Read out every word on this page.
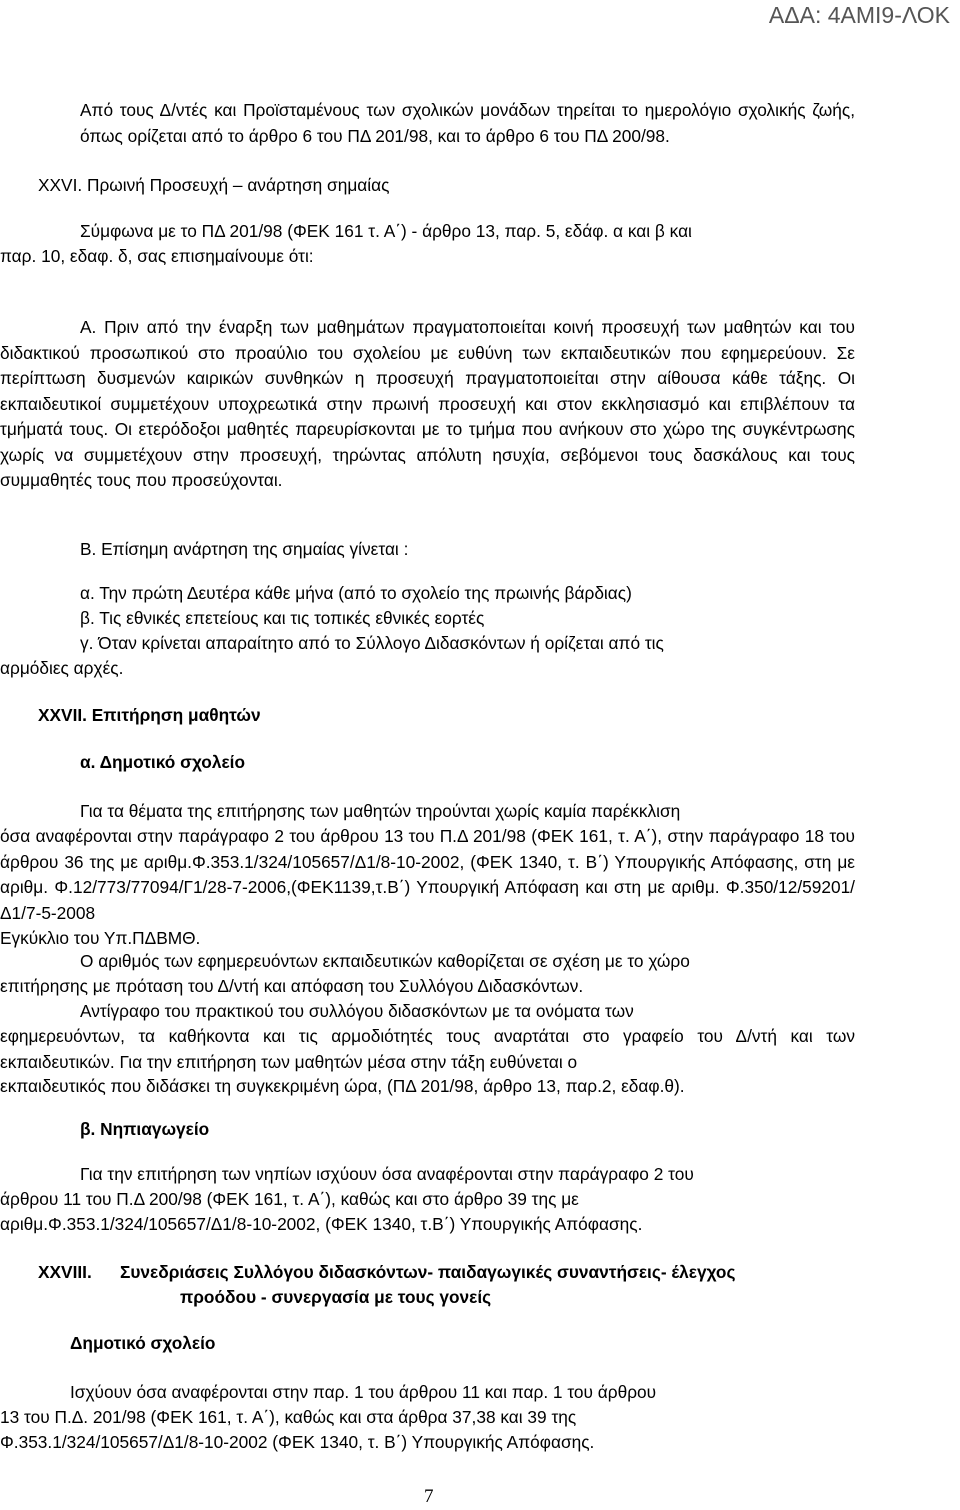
ΑΔΑ: 4ΑΜΙ9-ΛΟΚ
Από τους Δ/ντές και Προϊσταμένους των σχολικών μονάδων τηρείται το ημερολόγιο σχολικής ζωής, όπως ορίζεται από το άρθρο 6 του ΠΔ 201/98, και το άρθρο 6 του ΠΔ 200/98.
XXVI. Πρωινή Προσευχή – ανάρτηση σημαίας
Σύμφωνα με το ΠΔ 201/98 (ΦΕΚ 161 τ. Α΄) - άρθρο 13, παρ. 5, εδάφ. α και β και
παρ. 10, εδαφ. δ, σας επισημαίνουμε ότι:
Α. Πριν από την έναρξη των μαθημάτων πραγματοποιείται κοινή προσευχή των μαθητών και του διδακτικού προσωπικού στο προαύλιο του σχολείου με ευθύνη των εκπαιδευτικών που εφημερεύουν. Σε περίπτωση δυσμενών καιρικών συνθηκών η προσευχή πραγματοποιείται στην αίθουσα κάθε τάξης. Οι εκπαιδευτικοί συμμετέχουν υποχρεωτικά στην πρωινή προσευχή και στον εκκλησιασμό και επιβλέπουν τα τμήματά τους. Οι ετερόδοξοι μαθητές παρευρίσκονται με το τμήμα που ανήκουν στο χώρο της συγκέντρωσης χωρίς να συμμετέχουν στην προσευχή, τηρώντας απόλυτη ησυχία, σεβόμενοι τους δασκάλους και τους συμμαθητές τους που προσεύχονται.
Β. Επίσημη ανάρτηση της σημαίας γίνεται :
α. Την πρώτη Δευτέρα κάθε μήνα (από το σχολείο της πρωινής βάρδιας)
β. Τις εθνικές επετείους και τις τοπικές εθνικές εορτές
γ. Όταν κρίνεται απαραίτητο από το Σύλλογο Διδασκόντων ή ορίζεται από τις
αρμόδιες αρχές.
XXVII. Επιτήρηση μαθητών
α. Δημοτικό σχολείο
Για τα θέματα της επιτήρησης των μαθητών τηρούνται χωρίς καμία παρέκκλιση
όσα αναφέρονται στην παράγραφο 2 του άρθρου 13 του Π.Δ 201/98 (ΦΕΚ 161, τ. Α΄), στην παράγραφο 18 του άρθρου 36 της με αριθμ.Φ.353.1/324/105657/Δ1/8-10-2002, (ΦΕΚ 1340, τ. Β΄) Υπουργικής Απόφασης, στη με αριθμ. Φ.12/773/77094/Γ1/28-7-2006,(ΦΕΚ1139,τ.Β΄) Υπουργική Απόφαση και στη με αριθμ. Φ.350/12/59201/Δ1/7-5-2008
Εγκύκλιο του Υπ.ΠΔΒΜΘ.
Ο αριθμός των εφημερευόντων εκπαιδευτικών καθορίζεται σε σχέση με το χώρο
επιτήρησης με πρόταση του Δ/ντή και απόφαση του Συλλόγου Διδασκόντων.
Αντίγραφο του πρακτικού του συλλόγου διδασκόντων με τα ονόματα των
εφημερευόντων, τα καθήκοντα και τις αρμοδιότητές τους αναρτάται στο γραφείο του Δ/ντή και των εκπαιδευτικών. Για την επιτήρηση των μαθητών μέσα στην τάξη ευθύνεται ο
εκπαιδευτικός που διδάσκει τη συγκεκριμένη ώρα, (ΠΔ 201/98, άρθρο 13, παρ.2, εδαφ.θ).
β. Νηπιαγωγείο
Για την επιτήρηση των νηπίων ισχύουν όσα αναφέρονται στην παράγραφο 2 του
άρθρου 11 του Π.Δ 200/98 (ΦΕΚ 161, τ. Α΄), καθώς και στο άρθρο 39 της με
αριθμ.Φ.353.1/324/105657/Δ1/8-10-2002, (ΦΕΚ 1340, τ.Β΄) Υπουργικής Απόφασης.
XXVIII. Συνεδριάσεις Συλλόγου διδασκόντων- παιδαγωγικές συναντήσεις- έλεγχος
προόδου - συνεργασία με τους γονείς
Δημοτικό σχολείο
Ισχύουν όσα αναφέρονται στην παρ. 1 του άρθρου 11 και παρ. 1 του άρθρου
13 του Π.Δ. 201/98 (ΦΕΚ 161, τ. Α΄), καθώς και στα άρθρα 37,38 και 39 της
Φ.353.1/324/105657/Δ1/8-10-2002 (ΦΕΚ 1340, τ. Β΄) Υπουργικής Απόφασης.
7
